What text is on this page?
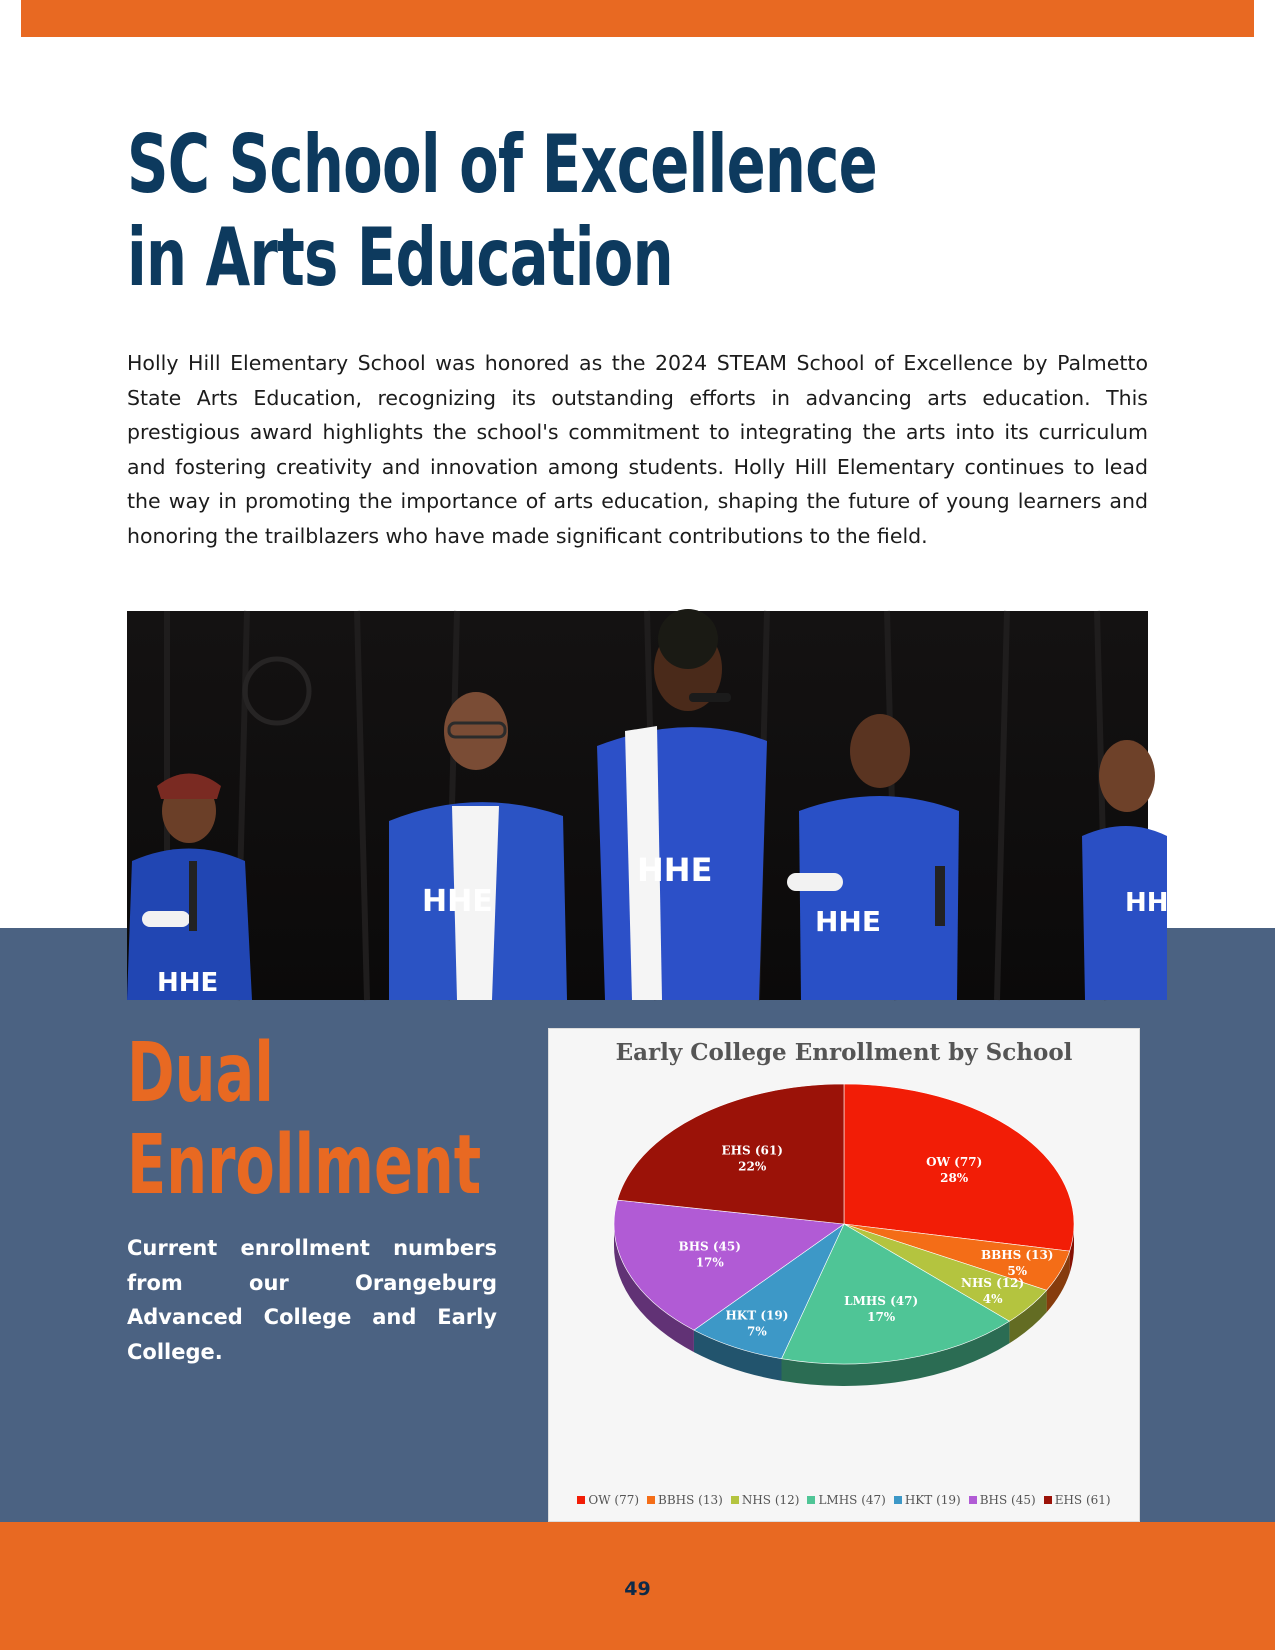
SC School of Excellence
in Arts Education

Holly Hill Elementary School was honored as the 2024 STEAM School of Excellence by Palmetto State Arts Education, recognizing its outstanding efforts in advancing arts education. This prestigious award highlights the school's commitment to integrating the arts into its curriculum and fostering creativity and innovation among students. Holly Hill Elementary continues to lead the way in promoting the importance of arts education, shaping the future of young learners and honoring the trailblazers who have made significant contributions to the field.

HHE
HHE
HHE
HHE
HHE
Dual
Enrollment

Current enrollment numbers from our Orangeburg Advanced College and Early College.

Early College Enrollment by School
OW (77)
28%
BBHS (13)
5%
NHS (12)
4%
LMHS (47)
17%
HKT (19)
7%
BHS (45)
17%
EHS (61)
22%
OW (77) BBHS (13) NHS (12) LMHS (47) HKT (19) BHS (45) EHS (61)
49
